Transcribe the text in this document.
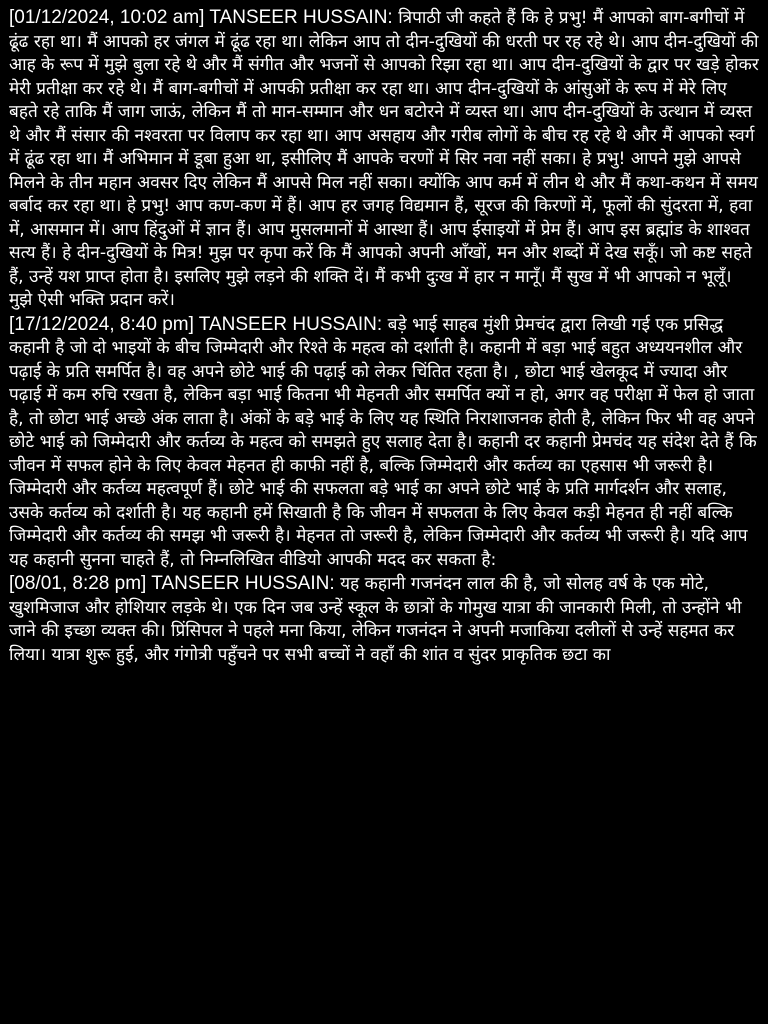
[01/12/2024, 10:02 am] TANSEER HUSSAIN: त्रिपाठी जी कहते हैं कि हे प्रभु! मैं आपको बाग-बगीचों में ढूंढ रहा था। मैं आपको हर जंगल में ढूंढ रहा था। लेकिन आप तो दीन-दुखियों की धरती पर रह रहे थे। आप दीन-दुखियों की आह के रूप में मुझे बुला रहे थे और मैं संगीत और भजनों से आपको रिझा रहा था। आप दीन-दुखियों के द्वार पर खड़े होकर मेरी प्रतीक्षा कर रहे थे। मैं बाग-बगीचों में आपकी प्रतीक्षा कर रहा था। आप दीन-दुखियों के आंसुओं के रूप में मेरे लिए बहते रहे ताकि मैं जाग जाऊं, लेकिन मैं तो मान-सम्मान और धन बटोरने में व्यस्त था। आप दीन-दुखियों के उत्थान में व्यस्त थे और मैं संसार की नश्वरता पर विलाप कर रहा था। आप असहाय और गरीब लोगों के बीच रह रहे थे और मैं आपको स्वर्ग में ढूंढ रहा था। मैं अभिमान में डूबा हुआ था, इसीलिए मैं आपके चरणों में सिर नवा नहीं सका। हे प्रभु! आपने मुझे आपसे मिलने के तीन महान अवसर दिए लेकिन मैं आपसे मिल नहीं सका। क्योंकि आप कर्म में लीन थे और मैं कथा-कथन में समय बर्बाद कर रहा था। हे प्रभु! आप कण-कण में हैं। आप हर जगह विद्यमान हैं, सूरज की किरणों में, फूलों की सुंदरता में, हवा में, आसमान में। आप हिंदुओं में ज्ञान हैं। आप मुसलमानों में आस्था हैं। आप ईसाइयों में प्रेम हैं। आप इस ब्रह्मांड के शाश्वत सत्य हैं। हे दीन-दुखियों के मित्र! मुझ पर कृपा करें कि मैं आपको अपनी आँखों, मन और शब्दों में देख सकूँ। जो कष्ट सहते हैं, उन्हें यश प्राप्त होता है। इसलिए मुझे लड़ने की शक्ति दें। मैं कभी दुःख में हार न मानूँ। मैं सुख में भी आपको न भूलूँ। मुझे ऐसी भक्ति प्रदान करें।

[17/12/2024, 8:40 pm] TANSEER HUSSAIN: बड़े भाई साहब मुंशी प्रेमचंद द्वारा लिखी गई एक प्रसिद्ध कहानी है जो दो भाइयों के बीच जिम्मेदारी और रिश्ते के महत्व को दर्शाती है। कहानी में बड़ा भाई बहुत अध्ययनशील और पढ़ाई के प्रति समर्पित है। वह अपने छोटे भाई की पढ़ाई को लेकर चिंतित रहता है। , छोटा भाई खेलकूद में ज्यादा और पढ़ाई में कम रुचि रखता है, लेकिन बड़ा भाई कितना भी मेहनती और समर्पित क्यों न हो, अगर वह परीक्षा में फेल हो जाता है, तो छोटा भाई अच्छे अंक लाता है। अंकों के बड़े भाई के लिए यह स्थिति निराशाजनक होती है, लेकिन फिर भी वह अपने छोटे भाई को जिम्मेदारी और कर्तव्य के महत्व को समझते हुए सलाह देता है। कहानी दर कहानी प्रेमचंद यह संदेश देते हैं कि जीवन में सफल होने के लिए केवल मेहनत ही काफी नहीं है, बल्कि जिम्मेदारी और कर्तव्य का एहसास भी जरूरी है। जिम्मेदारी और कर्तव्य महत्वपूर्ण हैं। छोटे भाई की सफलता बड़े भाई का अपने छोटे भाई के प्रति मार्गदर्शन और सलाह, उसके कर्तव्य को दर्शाती है। यह कहानी हमें सिखाती है कि जीवन में सफलता के लिए केवल कड़ी मेहनत ही नहीं बल्कि जिम्मेदारी और कर्तव्य की समझ भी जरूरी है। मेहनत तो जरूरी है, लेकिन जिम्मेदारी और कर्तव्य भी जरूरी है। यदि आप यह कहानी सुनना चाहते हैं, तो निम्नलिखित वीडियो आपकी मदद कर सकता है:

[08/01, 8:28 pm] TANSEER HUSSAIN: यह कहानी गजनंदन लाल की है, जो सोलह वर्ष के एक मोटे, खुशमिजाज और होशियार लड़के थे। एक दिन जब उन्हें स्कूल के छात्रों के गोमुख यात्रा की जानकारी मिली, तो उन्होंने भी जाने की इच्छा व्यक्त की। प्रिंसिपल ने पहले मना किया, लेकिन गजनंदन ने अपनी मजाकिया दलीलों से उन्हें सहमत कर लिया। यात्रा शुरू हुई, और गंगोत्री पहुँचने पर सभी बच्चों ने वहाँ की शांत व सुंदर प्राकृतिक छटा का
